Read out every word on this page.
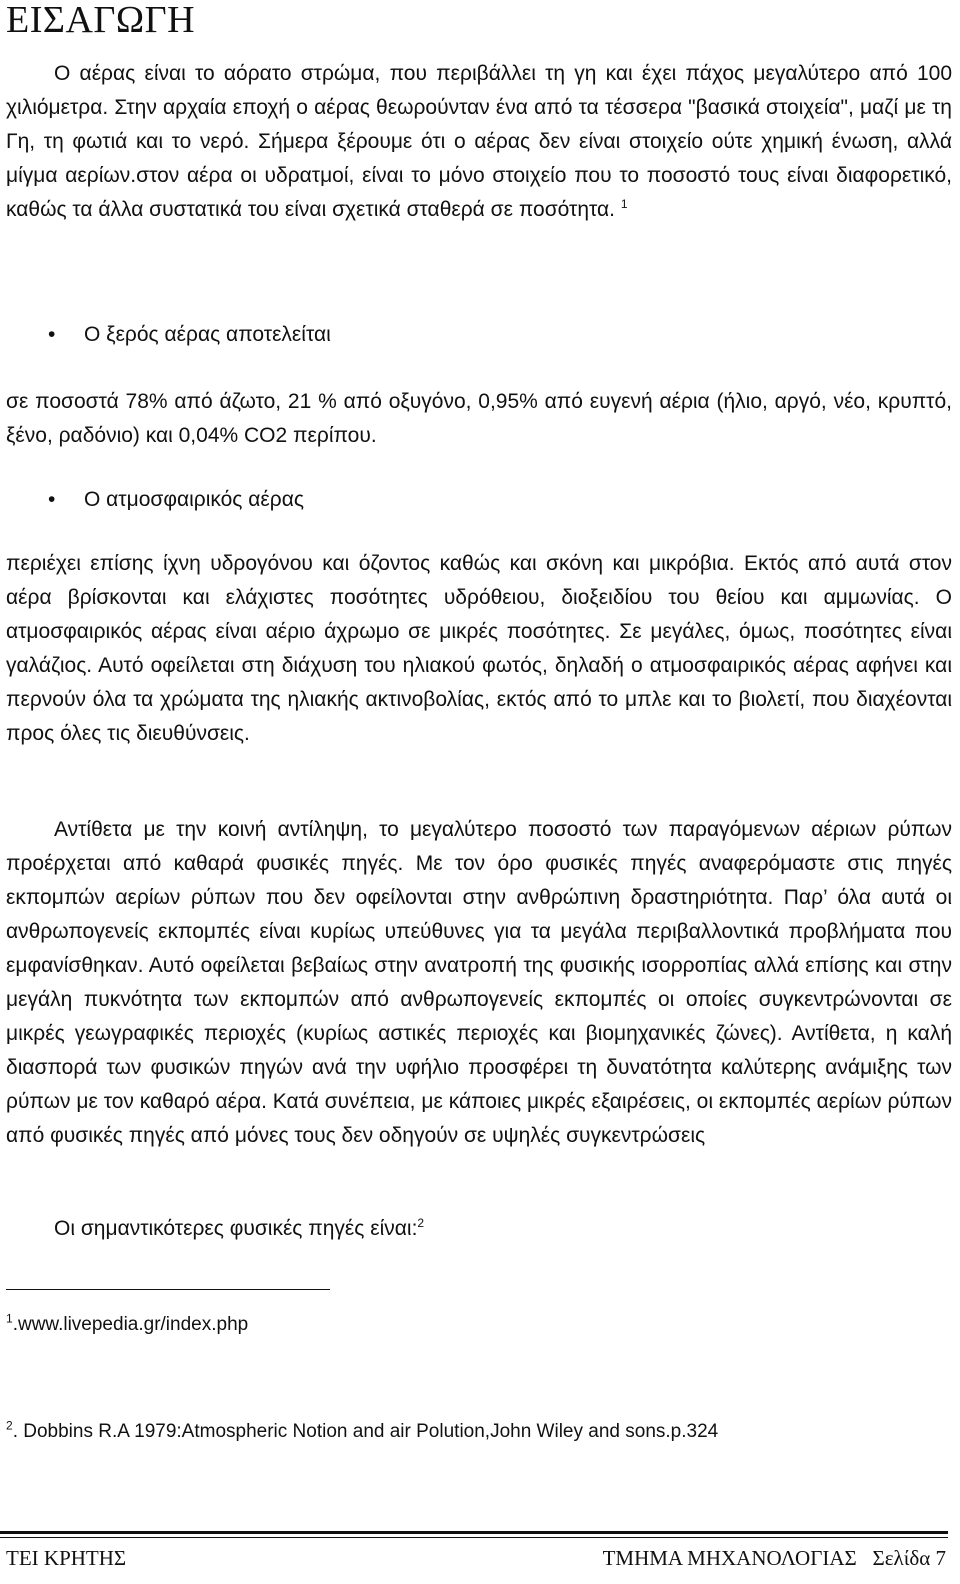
ΕΙΣΑΓΩΓΗ

Ο αέρας είναι το αόρατο στρώμα, που περιβάλλει τη γη και έχει πάχος μεγαλύτερο από 100 χιλιόμετρα. Στην αρχαία εποχή ο αέρας θεωρούνταν ένα από τα τέσσερα "βασικά στοιχεία", μαζί με τη Γη, τη φωτιά και το νερό. Σήμερα ξέρουμε ότι ο αέρας δεν είναι στοιχείο ούτε χημική ένωση, αλλά μίγμα αερίων.στον αέρα οι υδρατμοί, είναι το μόνο στοιχείο που το ποσοστό τους είναι διαφορετικό, καθώς τα άλλα συστατικά του είναι σχετικά σταθερά σε ποσότητα. $^1$

• Ο ξερός αέρας αποτελείται

σε ποσοστά 78% από άζωτο, 21 % από οξυγόνο, 0,95% από ευγενή αέρια (ήλιο, αργό, νέο, κρυπτό, ξένο, ραδόνιο) και 0,04% CO2 περίπου.

• Ο ατμοσφαιρικός αέρας

περιέχει επίσης ίχνη υδρογόνου και όζοντος καθώς και σκόνη και μικρόβια. Εκτός από αυτά στον αέρα βρίσκονται και ελάχιστες ποσότητες υδρόθειου, διοξειδίου του θείου και αμμωνίας. Ο ατμοσφαιρικός αέρας είναι αέριο άχρωμο σε μικρές ποσότητες. Σε μεγάλες, όμως, ποσότητες είναι γαλάζιος. Αυτό οφείλεται στη διάχυση του ηλιακού φωτός, δηλαδή ο ατμοσφαιρικός αέρας αφήνει και περνούν όλα τα χρώματα της ηλιακής ακτινοβολίας, εκτός από το μπλε και το βιολετί, που διαχέονται προς όλες τις διευθύνσεις.

Αντίθετα με την κοινή αντίληψη, το μεγαλύτερο ποσοστό των παραγόμενων αέριων ρύπων προέρχεται από καθαρά φυσικές πηγές. Με τον όρο φυσικές πηγές αναφερόμαστε στις πηγές εκπομπών αερίων ρύπων που δεν οφείλονται στην ανθρώπινη δραστηριότητα. Παρ’ όλα αυτά οι ανθρωπογενείς εκπομπές είναι κυρίως υπεύθυνες για τα μεγάλα περιβαλλοντικά προβλήματα που εμφανίσθηκαν. Αυτό οφείλεται βεβαίως στην ανατροπή της φυσικής ισορροπίας αλλά επίσης και στην μεγάλη πυκνότητα των εκπομπών από ανθρωπογενείς εκπομπές οι οποίες συγκεντρώνονται σε μικρές γεωγραφικές περιοχές (κυρίως αστικές περιοχές και βιομηχανικές ζώνες). Αντίθετα, η καλή διασπορά των φυσικών πηγών ανά την υφήλιο προσφέρει τη δυνατότητα καλύτερης ανάμιξης των ρύπων με τον καθαρό αέρα. Κατά συνέπεια, με κάποιες μικρές εξαιρέσεις, οι εκπομπές αερίων ρύπων από φυσικές πηγές από μόνες τους δεν οδηγούν σε υψηλές συγκεντρώσεις

Οι σημαντικότερες φυσικές πηγές είναι:$^2$

$^1$.www.livepedia.gr/index.php
$^2$. Dobbins R.A 1979:Atmospheric Notion and air Polution,John Wiley and sons.p.324
ΤΕΙ ΚΡΗΤΗΣ	ΤΜΗΜΑ ΜΗΧΑΝΟΛΟΓΙΑΣ   Σελίδα 7
